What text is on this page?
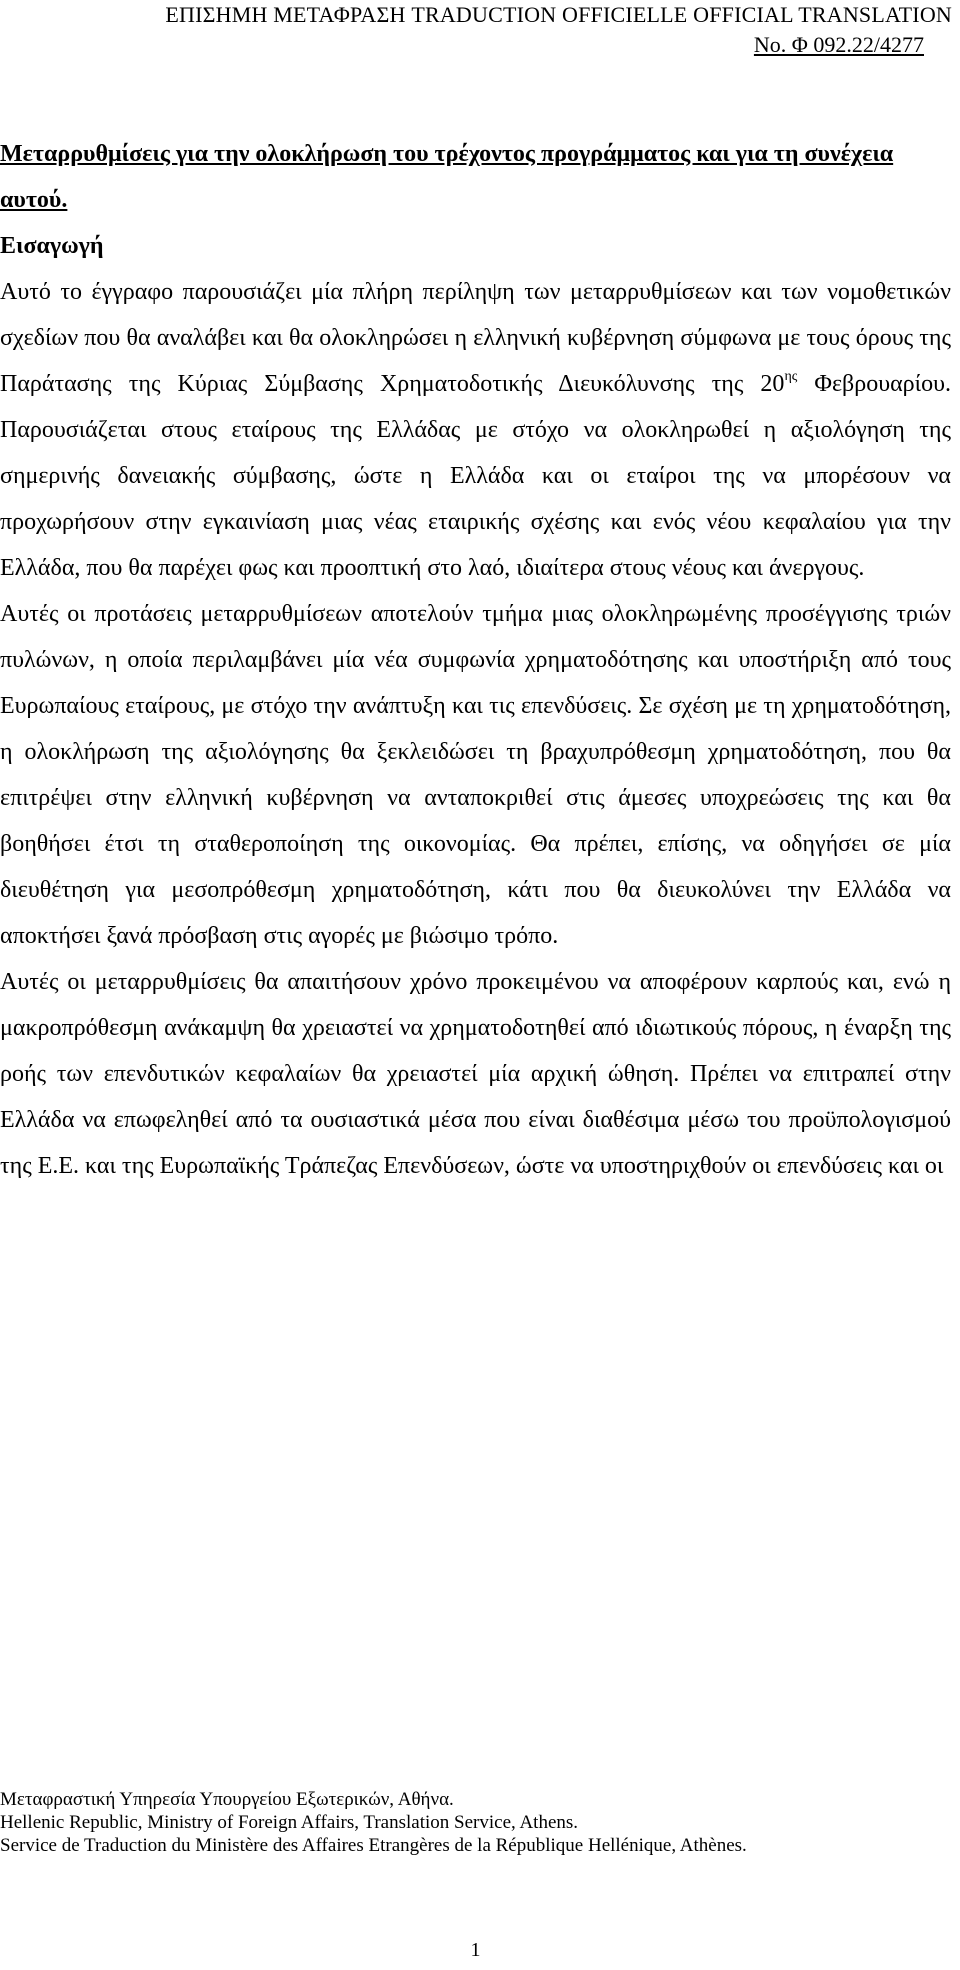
ΕΠΙΣΗΜΗ ΜΕΤΑΦΡΑΣΗ TRADUCTION OFFICIELLE OFFICIAL TRANSLATION
No. Φ 092.22/4277

Μεταρρυθμίσεις για την ολοκλήρωση του τρέχοντος προγράμματος και για τη συνέχεια αυτού.

Εισαγωγή

Αυτό το έγγραφο παρουσιάζει μία πλήρη περίληψη των μεταρρυθμίσεων και των νομοθετικών σχεδίων που θα αναλάβει και θα ολοκληρώσει η ελληνική κυβέρνηση σύμφωνα με τους όρους της Παράτασης της Κύριας Σύμβασης Χρηματοδοτικής Διευκόλυνσης της $20^{\eta\varsigma}$ Φεβρουαρίου. Παρουσιάζεται στους εταίρους της Ελλάδας με στόχο να ολοκληρωθεί η αξιολόγηση της σημερινής δανειακής σύμβασης, ώστε η Ελλάδα και οι εταίροι της να μπορέσουν να προχωρήσουν στην εγκαινίαση μιας νέας εταιρικής σχέσης και ενός νέου κεφαλαίου για την Ελλάδα, που θα παρέχει φως και προοπτική στο λαό, ιδιαίτερα στους νέους και άνεργους.

Αυτές οι προτάσεις μεταρρυθμίσεων αποτελούν τμήμα μιας ολοκληρωμένης προσέγγισης τριών πυλώνων, η οποία περιλαμβάνει μία νέα συμφωνία χρηματοδότησης και υποστήριξη από τους Ευρωπαίους εταίρους, με στόχο την ανάπτυξη και τις επενδύσεις. Σε σχέση με τη χρηματοδότηση, η ολοκλήρωση της αξιολόγησης θα ξεκλειδώσει τη βραχυπρόθεσμη χρηματοδότηση, που θα επιτρέψει στην ελληνική κυβέρνηση να ανταποκριθεί στις άμεσες υποχρεώσεις της και θα βοηθήσει έτσι τη σταθεροποίηση της οικονομίας. Θα πρέπει, επίσης, να οδηγήσει σε μία διευθέτηση για μεσοπρόθεσμη χρηματοδότηση, κάτι που θα διευκολύνει την Ελλάδα να αποκτήσει ξανά πρόσβαση στις αγορές με βιώσιμο τρόπο.

Αυτές οι μεταρρυθμίσεις θα απαιτήσουν χρόνο προκειμένου να αποφέρουν καρπούς και, ενώ η μακροπρόθεσμη ανάκαμψη θα χρειαστεί να χρηματοδοτηθεί από ιδιωτικούς πόρους, η έναρξη της ροής των επενδυτικών κεφαλαίων θα χρειαστεί μία αρχική ώθηση. Πρέπει να επιτραπεί στην Ελλάδα να επωφεληθεί από τα ουσιαστικά μέσα που είναι διαθέσιμα μέσω του προϋπολογισμού της Ε.Ε. και της Ευρωπαϊκής Τράπεζας Επενδύσεων, ώστε να υποστηριχθούν οι επενδύσεις και οι

Μεταφραστική Υπηρεσία Υπουργείου Εξωτερικών, Αθήνα.

Hellenic Republic, Ministry of Foreign Affairs, Translation Service, Athens.

Service de Traduction du Ministère des Affaires Etrangères de la République Hellénique, Athènes.

1
